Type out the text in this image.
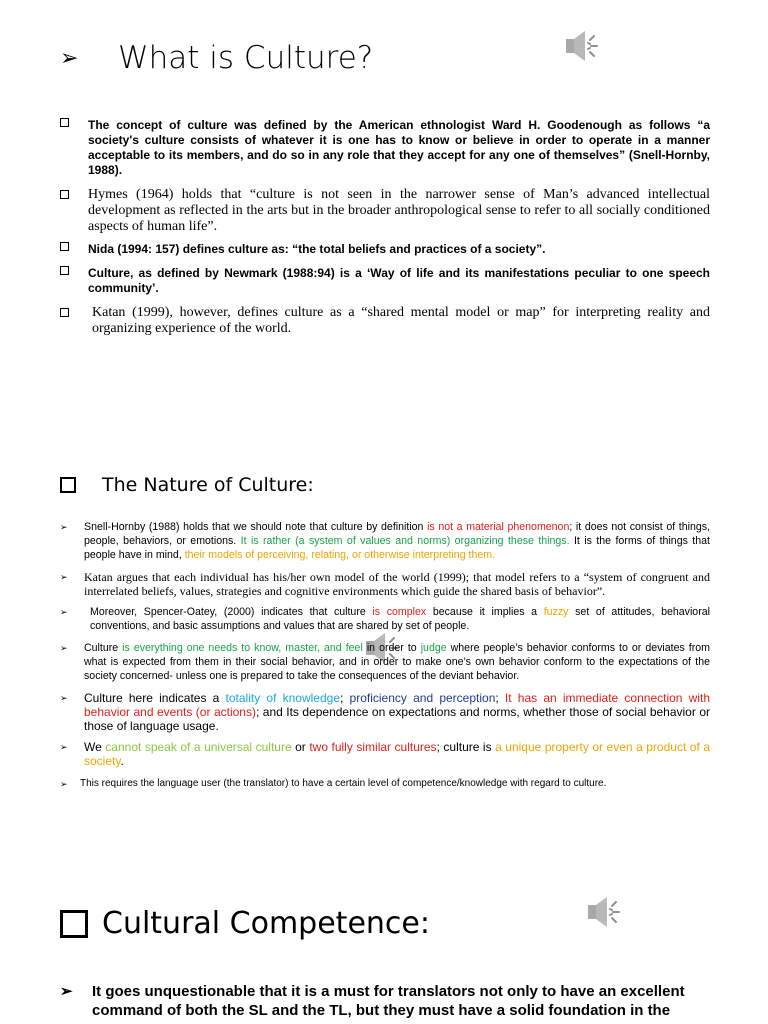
➢	What is Culture?
The concept of culture was defined by the American ethnologist Ward H. Goodenough as follows “a society's culture consists of whatever it is one has to know or believe in order to operate in a manner acceptable to its members, and do so in any role that they accept for any one of themselves” (Snell-Hornby, 1988).
Hymes (1964) holds that “culture is not seen in the narrower sense of Man’s advanced intellectual development as reflected in the arts but in the broader anthropological sense to refer to all socially conditioned aspects of human life”.
Nida (1994: 157) defines culture as: “the total beliefs and practices of a society”.
Culture, as defined by Newmark (1988:94) is a ‘Way of life and its manifestations peculiar to one speech community’.
Katan (1999), however, defines culture as a “shared mental model or map” for interpreting reality and organizing experience of the world.
The Nature of Culture:
➢	Snell-Hornby (1988) holds that we should note that culture by definition is not a material phenomenon; it does not consist of things, people, behaviors, or emotions. It is rather (a system of values and norms) organizing these things. It is the forms of things that people have in mind, their models of perceiving, relating, or otherwise interpreting them.
➢	Katan argues that each individual has his/her own model of the world (1999); that model refers to a “system of congruent and interrelated beliefs, values, strategies and cognitive environments which guide the shared basis of behavior”.
➢	Moreover, Spencer-Oatey, (2000) indicates that culture is complex because it implies a fuzzy set of attitudes, behavioral conventions, and basic assumptions and values that are shared by set of people.
➢	Culture is everything one needs to know, master, and feel in order to judge where people’s behavior conforms to or deviates from what is expected from them in their social behavior, and in order to make one’s own behavior conform to the expectations of the society concerned- unless one is prepared to take the consequences of the deviant behavior.
➢	Culture here indicates a totality of knowledge; proficiency and perception; It has an immediate connection with behavior and events (or actions); and Its dependence on expectations and norms, whether those of social behavior or those of language usage.
➢	We cannot speak of a universal culture or two fully similar cultures; culture is a unique property or even a product of a society.
➢	This requires the language user (the translator) to have a certain level of competence/knowledge with regard to culture.
Cultural Competence:
➢	It goes unquestionable that it is a must for translators not only to have an excellent command of both the SL and the TL, but they must have a solid foundation in the
